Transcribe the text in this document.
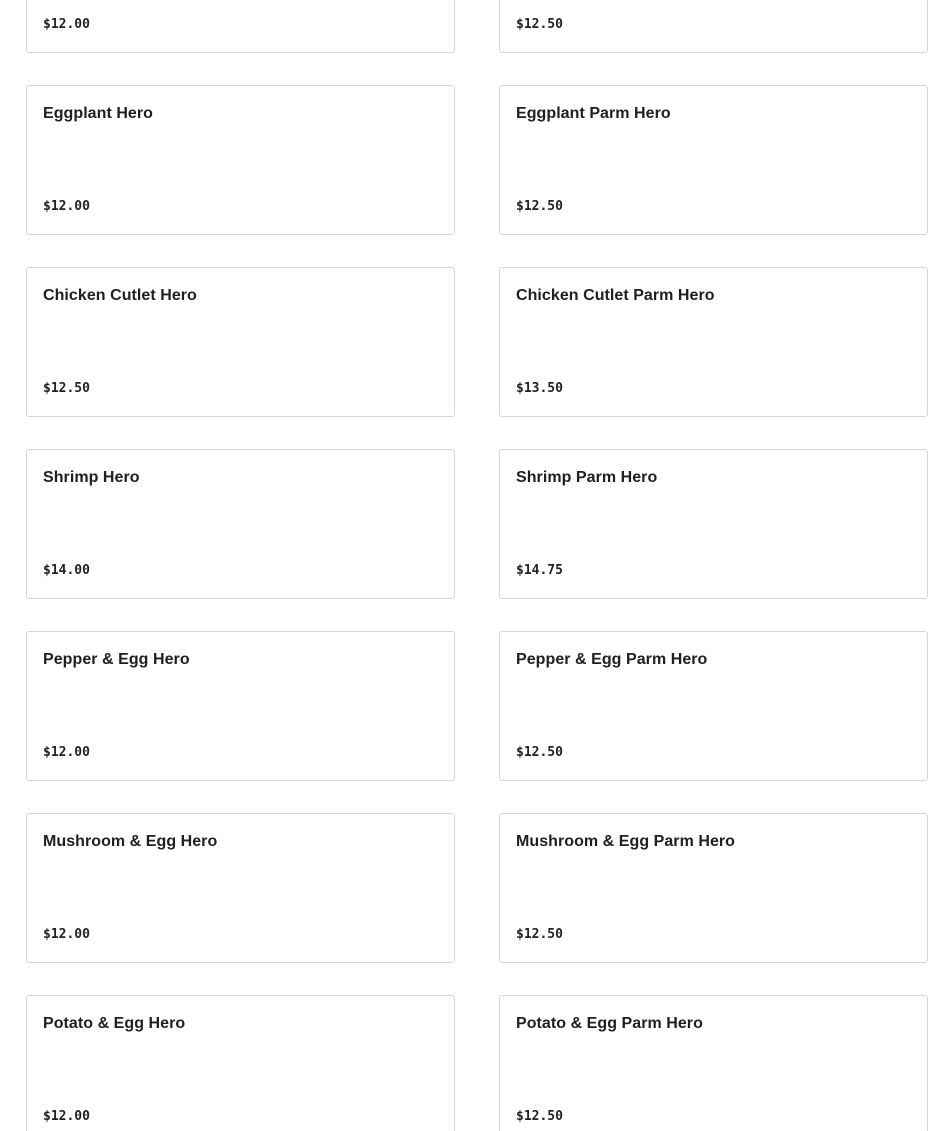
$12.00	$12.50
Eggplant Hero
$12.00
Eggplant Parm Hero
$12.50
Chicken Cutlet Hero
$12.50
Chicken Cutlet Parm Hero
$13.50
Shrimp Hero
$14.00
Shrimp Parm Hero
$14.75
Pepper & Egg Hero
$12.00
Pepper & Egg Parm Hero
$12.50
Mushroom & Egg Hero
$12.00
Mushroom & Egg Parm Hero
$12.50
Potato & Egg Hero
$12.00
Potato & Egg Parm Hero
$12.50
